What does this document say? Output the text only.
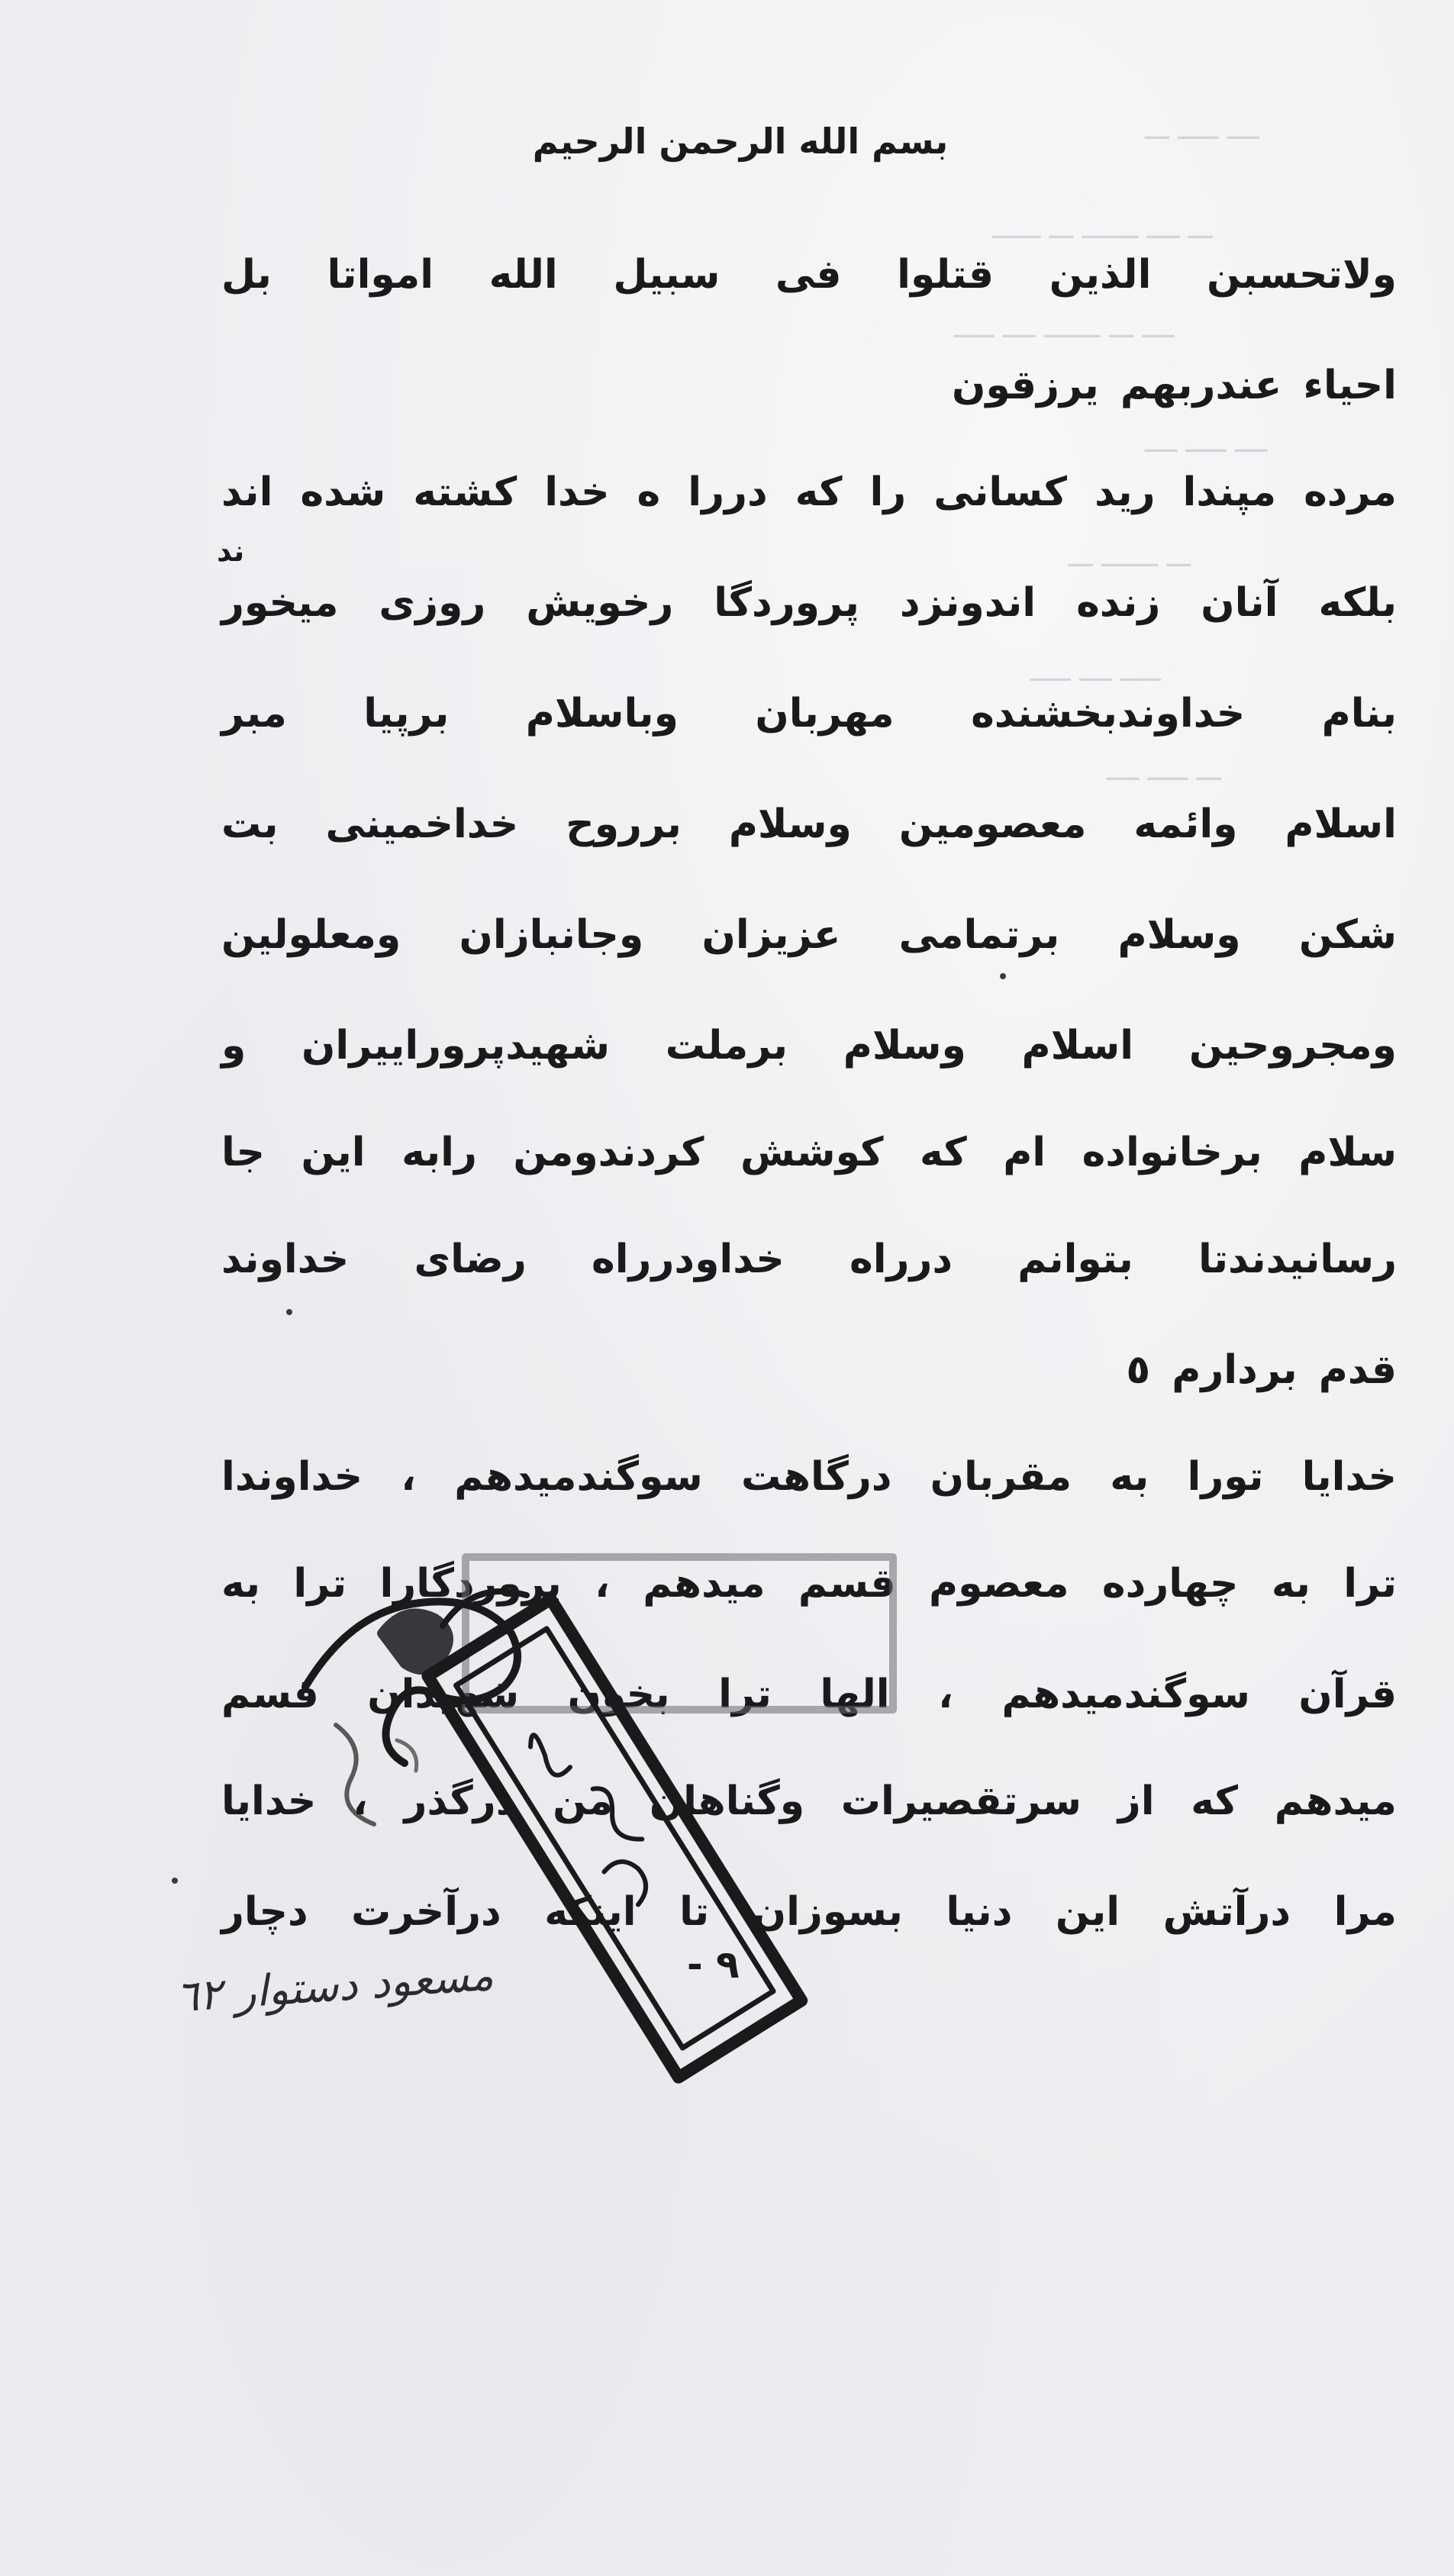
ـــ ـــــ ــــ
ــــــ ـــ ـــــــ ــــ ـــ
ـــــ ــــ ـــــــ ـــ ــــ
ــــ ـــــ ــــ
ـــ ـــــــ ـــ
ـــــ ــــ ـــــ
ــــ ـــــ ـــ
بسم الله الرحمن الرحیم
ولاتحسبن الذین قتلوا فی سبیل الله امواتا بل
احیاء عندربهم یرزقون
مرده مپندا رید کسانی را که دررا ه خدا کشته شده اند
ند
بلکه آنان زنده اندونزد پروردگا رخویش روزی میخور
بنام خداوندبخشنده مهربان وباسلام برپیا مبر
اسلام وائمه معصومین وسلام برروح خداخمینی بت
شکن وسلام برتمامی عزیزان وجانبازان ومعلولین
ومجروحین اسلام وسلام برملت شهیدپروراییران و
سلام برخانواده ام که کوشش کردندومن رابه این جا
رسانیدندتا بتوانم درراه خداودرراه رضای خداوند
قدم بردارم ٥
خدایا تورا به مقربان درگاهت سوگندمیدهم ، خداوندا
ترا به چهارده معصوم قسم میدهم ، پروردگارا ترا به
قرآن سوگندمیدهم ، الها ترا بخون شهیدان قسم
میدهم که از سرتقصیرات وگناهان من درگذر ، خدایا
مرا درآتش این دنیا بسوزان تا اینکه درآخرت دچار
٩ -
مسعود دستوار ٦٢
